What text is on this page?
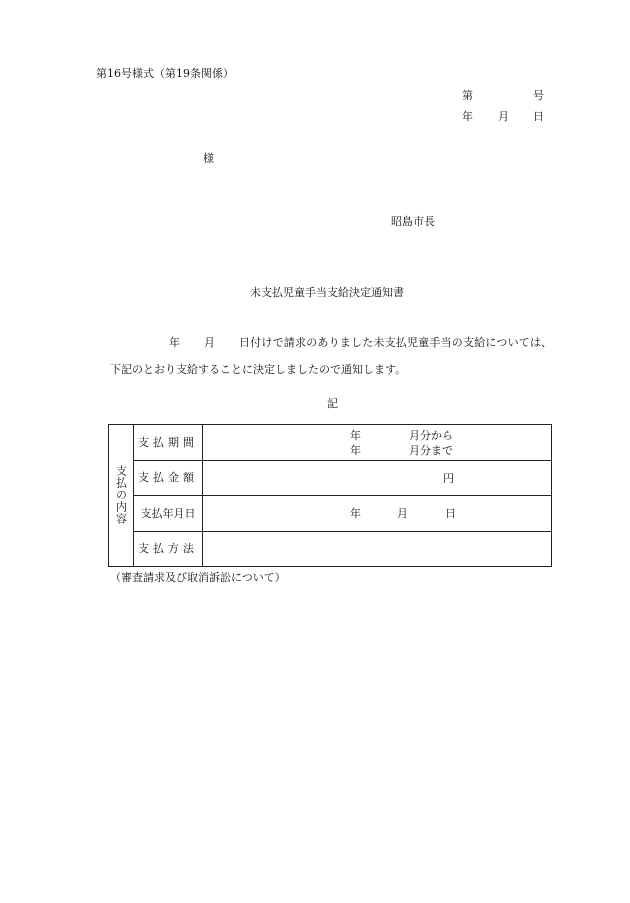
第16号様式（第19条関係）
第	号
年 月 日
様
昭島市長
未支払児童手当支給決定通知書
年 月 日付けで請求のありました未支払児童手当の支給については、
下記のとおり支給することに決定しましたので通知します。
記
支払の内容	支払期間	年 月分から
年 月分まで

	支払金額	円

	支払年月日	年 月 日

	支払方法	
（審査請求及び取消訴訟について）
